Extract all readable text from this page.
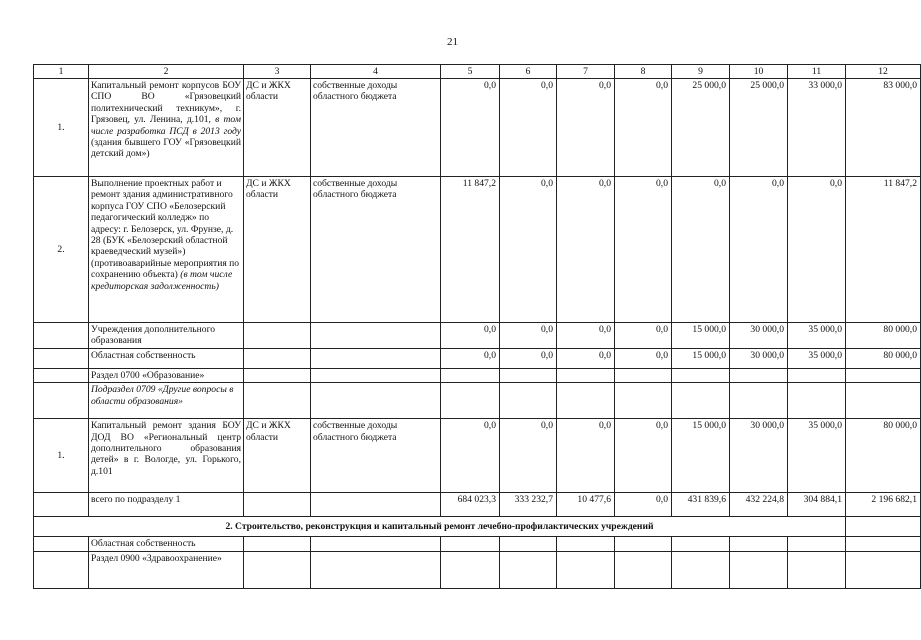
21
1	2	3	4	5	6	7	8	9	10	11	12
1.	Капитальный ремонт корпусов БОУ СПО ВО «Грязовецкий политехнический техникум», г. Грязовец, ул. Ленина, д.101, в том числе разработка ПСД в 2013 году (здания бывшего ГОУ «Грязовецкий детский дом»)	ДС и ЖКХ области	собственные доходы областного бюджета	0,0	0,0	0,0	0,0	25 000,0	25 000,0	33 000,0	83 000,0
2.	Выполнение проектных работ и ремонт здания административного корпуса ГОУ СПО «Белозерский педагогический колледж» по адресу: г. Белозерск, ул. Фрунзе, д. 28 (БУК «Белозерский областной краеведческий музей») (противоаварийные мероприятия по сохранению объекта) (в том числе кредиторская задолженность)	ДС и ЖКХ области	собственные доходы областного бюджета	11 847,2	0,0	0,0	0,0	0,0	0,0	0,0	11 847,2
	Учреждения дополнительного образования			0,0	0,0	0,0	0,0	15 000,0	30 000,0	35 000,0	80 000,0
	Областная собственность			0,0	0,0	0,0	0,0	15 000,0	30 000,0	35 000,0	80 000,0
	Раздел 0700 «Образование»										
	Подраздел 0709 «Другие вопросы в области образования»										
1.	Капитальный ремонт здания БОУ ДОД ВО «Региональный центр дополнительного образования детей» в г. Вологде, ул. Горького, д.101	ДС и ЖКХ области	собственные доходы областного бюджета	0,0	0,0	0,0	0,0	15 000,0	30 000,0	35 000,0	80 000,0
	всего по подразделу 1			684 023,3	333 232,7	10 477,6	0,0	431 839,6	432 224,8	304 884,1	2 196 682,1
2. Строительство, реконструкция и капитальный ремонт лечебно-профилактических учреждений											
	Областная собственность										
	Раздел 0900 «Здравоохранение»										
